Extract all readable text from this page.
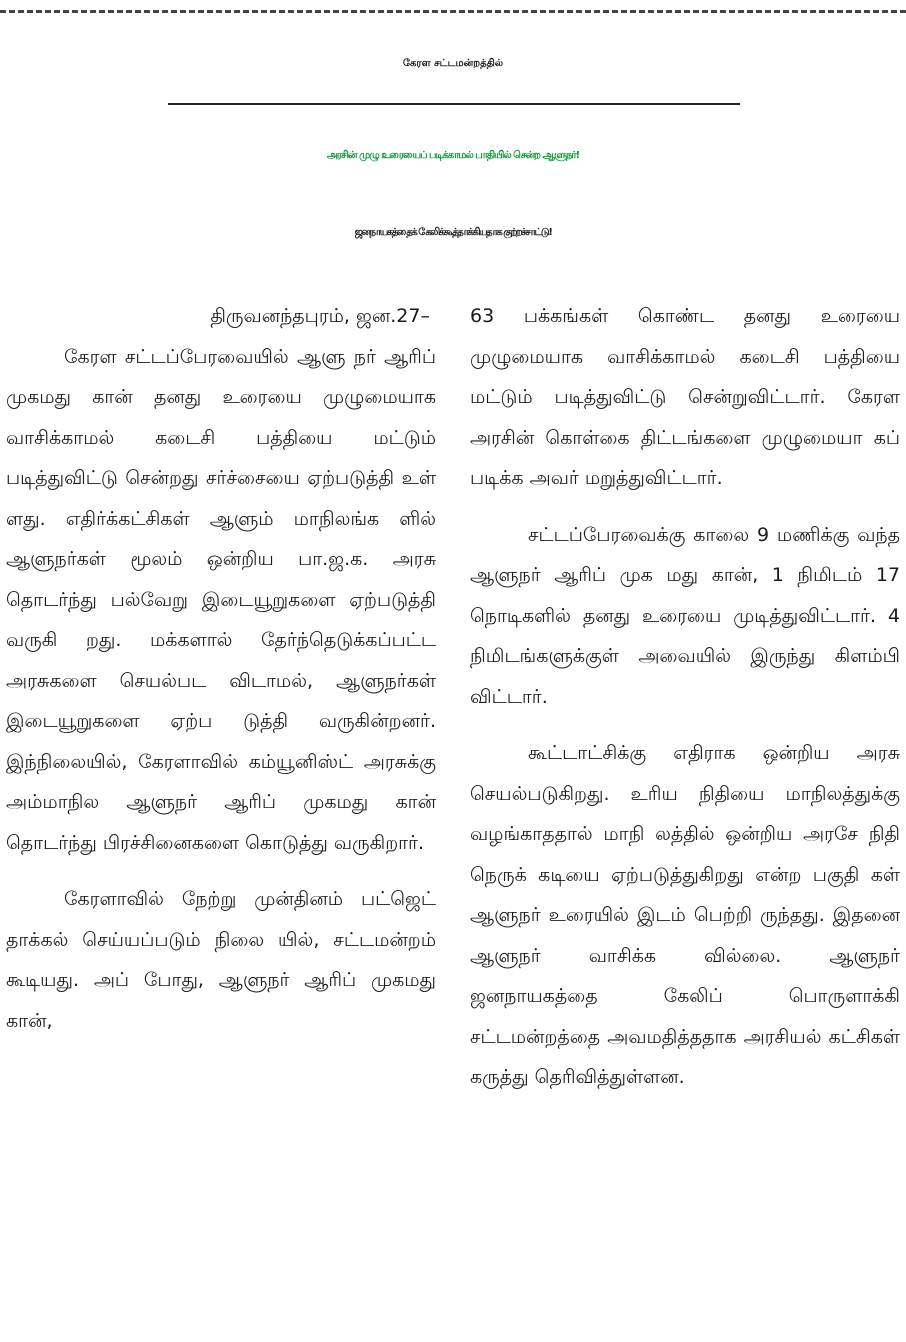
கேரள சட்டமன்றத்தில்
அரசின் முழு உரையைப் படிக்காமல் பாதியில் சென்ற ஆளுநர்!
ஜனநாயகத்தைக் கேலிக்கூத்தாக்கியதாக குற்றச்சாட்டு!
திருவனந்தபுரம், ஜன.27–

கேரள சட்டப்பேரவையில் ஆளு நர் ஆரிப் முகமது கான் தனது உரையை முழுமையாக வாசிக்காமல் கடைசி பத்தியை மட்டும் படித்துவிட்டு சென்றது சர்ச்சையை ஏற்படுத்தி உள் ளது. எதிர்க்கட்சிகள் ஆளும் மாநிலங்க ளில் ஆளுநர்கள் மூலம் ஒன்றிய பா.ஜ.க. அரசு தொடர்ந்து பல்வேறு இடையூறுகளை ஏற்படுத்தி வருகி றது. மக்களால் தேர்ந்தெடுக்கப்பட்ட அரசுகளை செயல்பட விடாமல், ஆளுநர்கள் இடையூறுகளை ஏற்ப டுத்தி வருகின்றனர். இந்நிலையில், கேரளாவில் கம்யூனிஸ்ட் அரசுக்கு அம்மாநில ஆளுநர் ஆரிப் முகமது கான் தொடர்ந்து பிரச்சினைகளை கொடுத்து வருகிறார்.

கேரளாவில் நேற்று முன்தினம் பட்ஜெட் தாக்கல் செய்யப்படும் நிலை யில், சட்டமன்றம் கூடியது. அப் போது, ஆளுநர் ஆரிப் முகமது கான்,

63 பக்கங்கள் கொண்ட தனது உரையை முழுமையாக வாசிக்காமல் கடைசி பத்தியை மட்டும் படித்துவிட்டு சென்றுவிட்டார். கேரள அரசின் கொள்கை திட்டங்களை முழுமையா கப் படிக்க அவர் மறுத்துவிட்டார்.

சட்டப்பேரவைக்கு காலை 9 மணிக்கு வந்த ஆளுநர் ஆரிப் முக மது கான், 1 நிமிடம் 17 நொடிகளில் தனது உரையை முடித்துவிட்டார். 4 நிமிடங்களுக்குள் அவையில் இருந்து கிளம்பி விட்டார்.

கூட்டாட்சிக்கு எதிராக ஒன்றிய அரசு செயல்படுகிறது. உரிய நிதியை மாநிலத்துக்கு வழங்காததால் மாநி லத்தில் ஒன்றிய அரசே நிதி நெருக் கடியை ஏற்படுத்துகிறது என்ற பகுதி கள் ஆளுநர் உரையில் இடம் பெற்றி ருந்தது. இதனை ஆளுநர் வாசிக்க வில்லை. ஆளுநர் ஜனநாயகத்தை கேலிப் பொருளாக்கி சட்டமன்றத்தை அவமதித்ததாக அரசியல் கட்சிகள் கருத்து தெரிவித்துள்ளன.
